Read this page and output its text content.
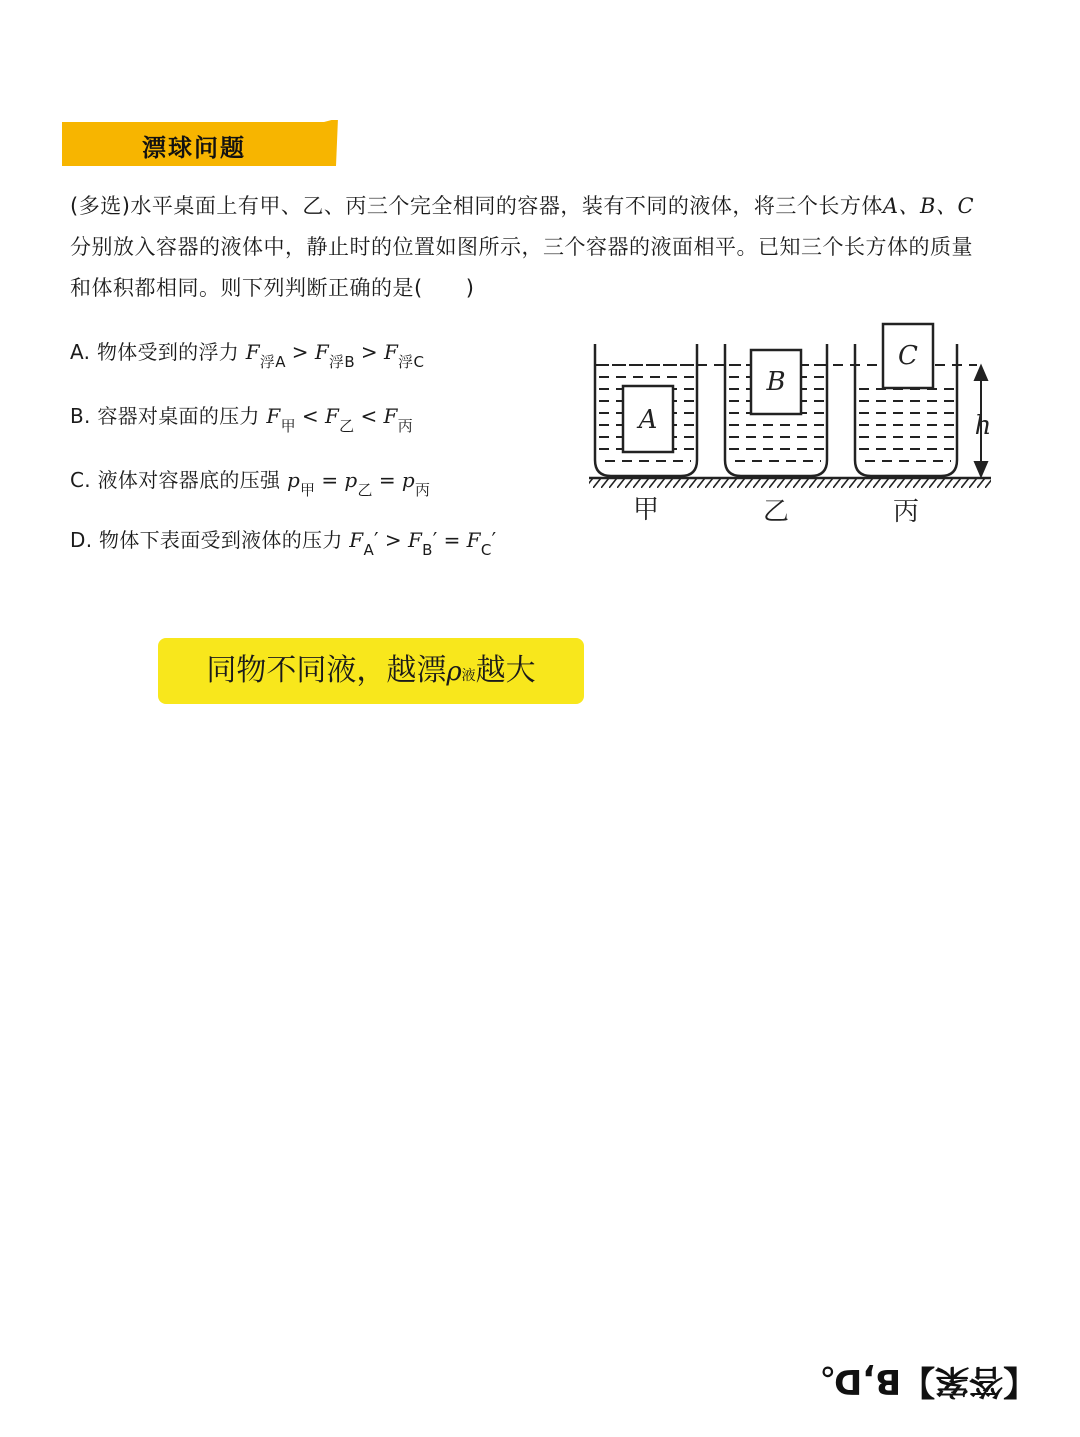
漂球问题
(多选)水平桌面上有甲、乙、丙三个完全相同的容器，装有不同的液体，将三个长方体A、B、C
分别放入容器的液体中，静止时的位置如图所示，三个容器的液面相平。已知三个长方体的质量
和体积都相同。则下列判断正确的是(　　)
A. 物体受到的浮力 $F_{浮A} > F_{浮B} > F_{浮C}$
B. 容器对桌面的压力 $F_甲 < F_乙 < F_丙$
C. 液体对容器底的压强 $p_甲 = p_乙 = p_丙$
D. 物体下表面受到液体的压力 $F_A' > F_B' = F_C'$
A
B
C
h
甲	乙	丙
同物不同液，越漂ρ液越大
【答案】B,D。
